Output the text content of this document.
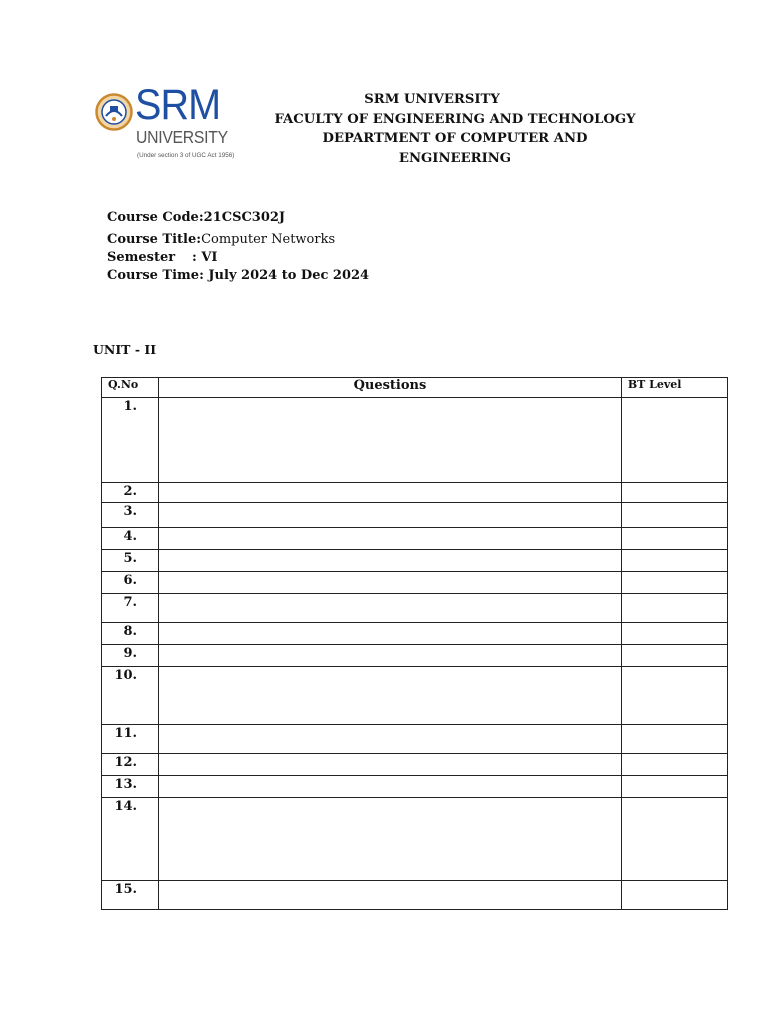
SRM
UNIVERSITY
(Under section 3 of UGC Act 1956)
SRM UNIVERSITY
FACULTY OF ENGINEERING AND TECHNOLOGY
DEPARTMENT OF COMPUTER AND
ENGINEERING
Course Code:21CSC302J
Course Title:Computer Networks
Semester : VI
Course Time: July 2024 to Dec 2024
UNIT - II
Q.No	Questions	BT Level
1.		
2.		
3.		
4.		
5.		
6.		
7.		
8.		
9.		
10.		
11.		
12.		
13.		
14.		
15.		
